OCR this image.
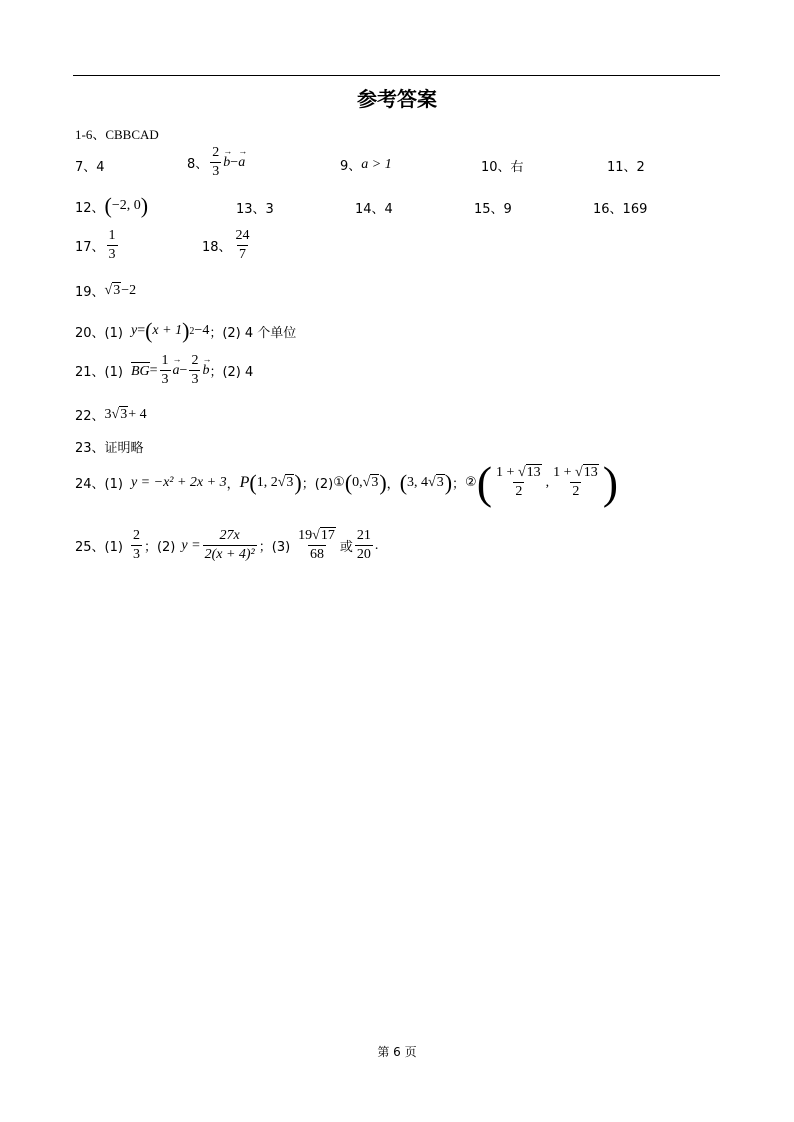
参考答案
1-6、CBBCAD
7、4	8、 $\frac{2}{3}$
→ b −
→ a	9、 a > 1	10、右	11、2
12、 ( −2, 0 )	13、3	14、4	15、9	16、169
17、 $\frac{1}{3}$	18、 $\frac{24}{7}$
19、 √3 −2
20、(1) y = ( x + 1 ) 2 −4 ；(2) 4 个单位
21、(1) BG = $\frac{1}{3}$
→ $a - \frac{2}{3}$
→ b ；(2) 4
22、 3 √3 + 4
23、证明略
24、(1) y = −x² + 2x + 3 ， P ( 1, 2 √3 ) ；(2) ① ( 0, √3 ) ， ( 3, 4 √3 ) ； ② ( $\frac{1 + √13}{2}$ , $\frac{1 + √13}{2}$ )
25、$(1) \frac{2}{3}$ ；(2) $y = \frac{27x}{\text{2(x + 4)²}}$ ；$(3) \frac{19√17}{68}$ 或 $\frac{21}{20}$ .
第 6 页
